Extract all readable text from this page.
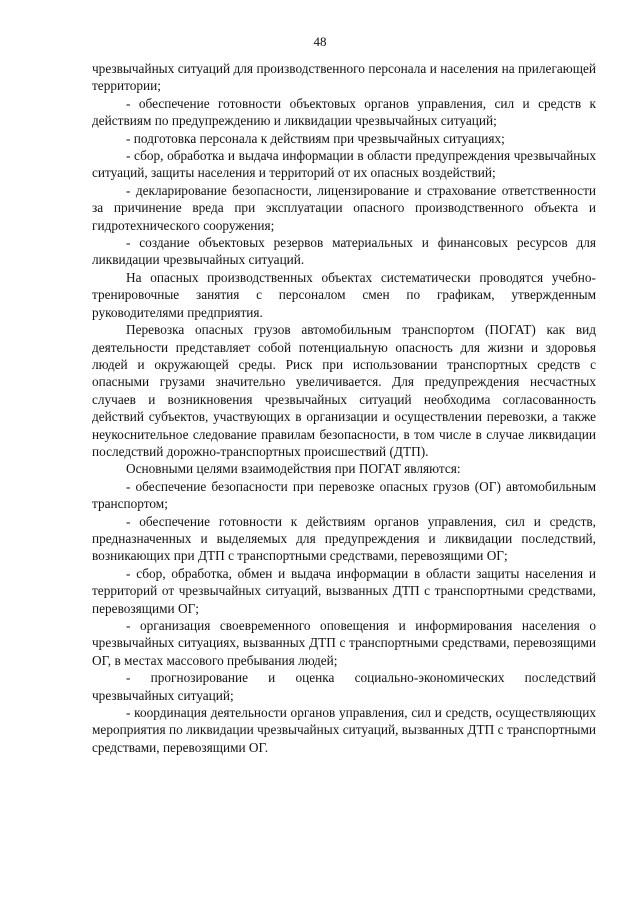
48

чрезвычайных ситуаций для производственного персонала и населения на прилегающей территории;

- обеспечение готовности объектовых органов управления, сил и средств к действиям по предупреждению и ликвидации чрезвычайных ситуаций;

- подготовка персонала к действиям при чрезвычайных ситуациях;

- сбор, обработка и выдача информации в области предупреждения чрезвычайных ситуаций, защиты населения и территорий от их опасных воздействий;

- декларирование безопасности, лицензирование и страхование ответственности за причинение вреда при эксплуатации опасного производственного объекта и гидротехнического сооружения;

- создание объектовых резервов материальных и финансовых ресурсов для ликвидации чрезвычайных ситуаций.

На опасных производственных объектах систематически проводятся учебно-тренировочные занятия с персоналом смен по графикам, утвержденным руководителями предприятия.

Перевозка опасных грузов автомобильным транспортом (ПОГАТ) как вид деятельности представляет собой потенциальную опасность для жизни и здоровья людей и окружающей среды. Риск при использовании транспортных средств с опасными грузами значительно увеличивается. Для предупреждения несчастных случаев и возникновения чрезвычайных ситуаций необходима согласованность действий субъектов, участвующих в организации и осуществлении перевозки, а также неукоснительное следование правилам безопасности, в том числе в случае ликвидации последствий дорожно-транспортных происшествий (ДТП).

Основными целями взаимодействия при ПОГАТ являются:

- обеспечение безопасности при перевозке опасных грузов (ОГ) автомобильным транспортом;

- обеспечение готовности к действиям органов управления, сил и средств, предназначенных и выделяемых для предупреждения и ликвидации последствий, возникающих при ДТП с транспортными средствами, перевозящими ОГ;

- сбор, обработка, обмен и выдача информации в области защиты населения и территорий от чрезвычайных ситуаций, вызванных ДТП с транспортными средствами, перевозящими ОГ;

- организация своевременного оповещения и информирования населения о чрезвычайных ситуациях, вызванных ДТП с транспортными средствами, перевозящими ОГ, в местах массового пребывания людей;

- прогнозирование и оценка социально-экономических последствий чрезвычайных ситуаций;

- координация деятельности органов управления, сил и средств, осуществляющих мероприятия по ликвидации чрезвычайных ситуаций, вызванных ДТП с транспортными средствами, перевозящими ОГ.
